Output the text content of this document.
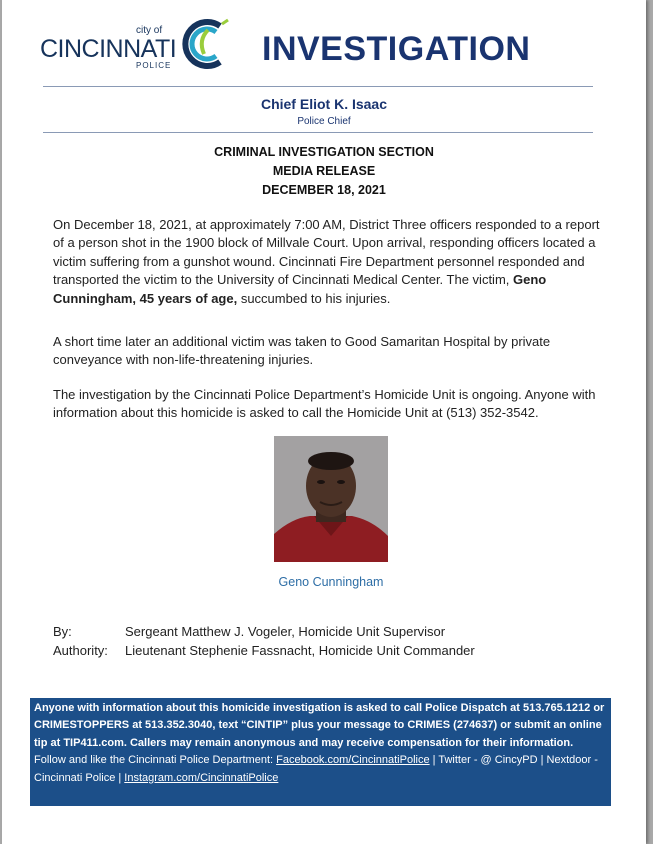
city of
CINCINNATI
POLICE	INVESTIGATION
Chief Eliot K. Isaac
Police Chief
CRIMINAL INVESTIGATION SECTION
MEDIA RELEASE
DECEMBER 18, 2021

On December 18, 2021, at approximately 7:00 AM, District Three officers responded to a report of a person shot in the 1900 block of Millvale Court. Upon arrival, responding officers located a victim suffering from a gunshot wound. Cincinnati Fire Department personnel responded and transported the victim to the University of Cincinnati Medical Center. The victim, Geno Cunningham, 45 years of age, succumbed to his injuries.

A short time later an additional victim was taken to Good Samaritan Hospital by private conveyance with non-life-threatening injuries.

The investigation by the Cincinnati Police Department’s Homicide Unit is ongoing. Anyone with information about this homicide is asked to call the Homicide Unit at (513) 352-3542.

Geno Cunningham
By:	Sergeant Matthew J. Vogeler, Homicide Unit Supervisor
Authority:	Lieutenant Stephenie Fassnacht, Homicide Unit Commander
Anyone with information about this homicide investigation is asked to call Police Dispatch at 513.765.1212 or CRIMESTOPPERS at 513.352.3040, text “CINTIP” plus your message to CRIMES (274637) or submit an online tip at TIP411.com. Callers may remain anonymous and may receive compensation for their information.
Follow and like the Cincinnati Police Department: Facebook.com/CincinnatiPolice | Twitter - @ CincyPD | Nextdoor - Cincinnati Police | Instagram.com/CincinnatiPolice
